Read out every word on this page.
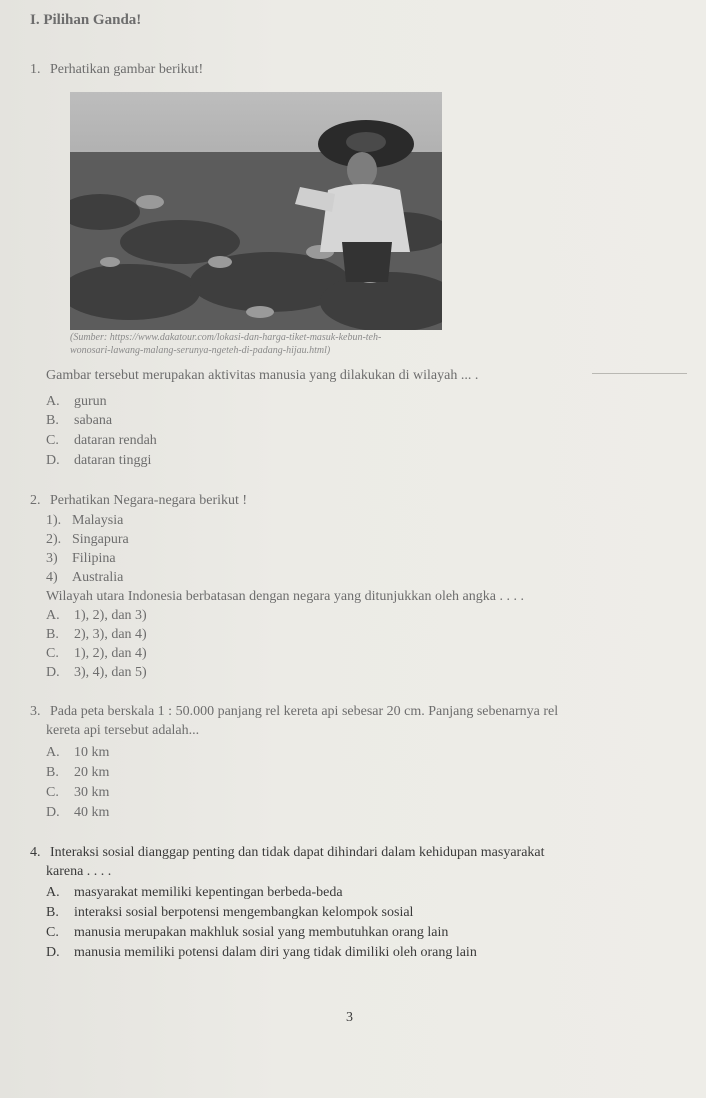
I. Pilihan Ganda!
1. Perhatikan gambar berikut!
(Sumber: https://www.dakatour.com/lokasi-dan-harga-tiket-masuk-kebun-teh-
wonosari-lawang-malang-serunya-ngeteh-di-padang-hijau.html)
Gambar tersebut merupakan aktivitas manusia yang dilakukan di wilayah ... .
A. gurun
B. sabana
C. dataran rendah
D. dataran tinggi
2. Perhatikan Negara-negara berikut !
1). Malaysia
2). Singapura
3) Filipina
4) Australia
Wilayah utara Indonesia berbatasan dengan negara yang ditunjukkan oleh angka . . . .
A. 1), 2), dan 3)
B. 2), 3), dan 4)
C. 1), 2), dan 4)
D. 3), 4), dan 5)
3. Pada peta berskala 1 : 50.000 panjang rel kereta api sebesar 20 cm. Panjang sebenarnya rel
kereta api tersebut adalah...
A. 10 km
B. 20 km
C. 30 km
D. 40 km
4. Interaksi sosial dianggap penting dan tidak dapat dihindari dalam kehidupan masyarakat
karena . . . .
A. masyarakat memiliki kepentingan berbeda-beda
B. interaksi sosial berpotensi mengembangkan kelompok sosial
C. manusia merupakan makhluk sosial yang membutuhkan orang lain
D. manusia memiliki potensi dalam diri yang tidak dimiliki oleh orang lain
3
